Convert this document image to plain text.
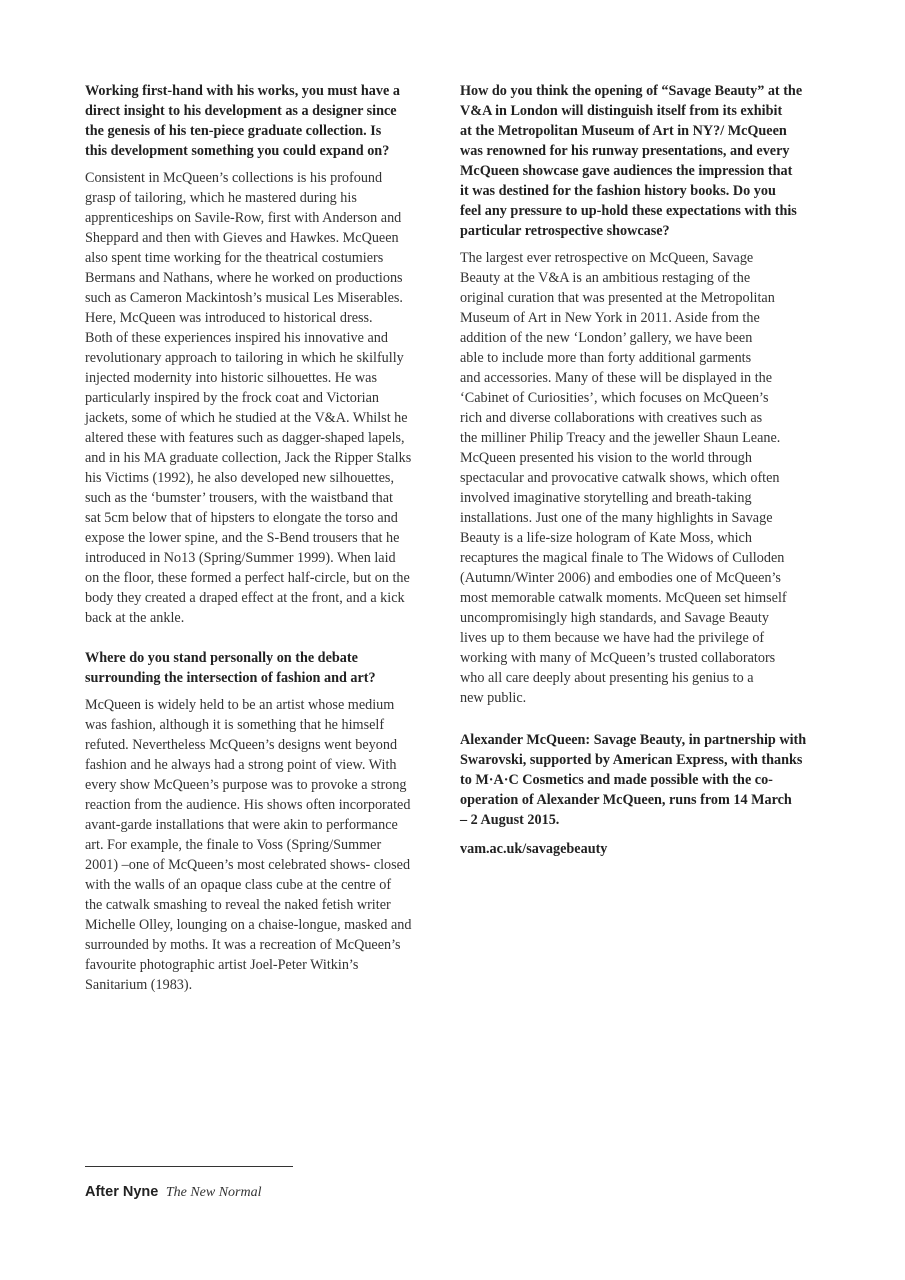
Working first-hand with his works, you must have a
direct insight to his development as a designer since
the genesis of his ten-piece graduate collection. Is
this development something you could expand on?

Consistent in McQueen’s collections is his profound
grasp of tailoring, which he mastered during his
apprenticeships on Savile-Row, first with Anderson and
Sheppard and then with Gieves and Hawkes. McQueen
also spent time working for the theatrical costumiers
Bermans and Nathans, where he worked on productions
such as Cameron Mackintosh’s musical Les Miserables.
Here, McQueen was introduced to historical dress.
Both of these experiences inspired his innovative and
revolutionary approach to tailoring in which he skilfully
injected modernity into historic silhouettes. He was
particularly inspired by the frock coat and Victorian
jackets, some of which he studied at the V&A. Whilst he
altered these with features such as dagger-shaped lapels,
and in his MA graduate collection, Jack the Ripper Stalks
his Victims (1992), he also developed new silhouettes,
such as the ‘bumster’ trousers, with the waistband that
sat 5cm below that of hipsters to elongate the torso and
expose the lower spine, and the S-Bend trousers that he
introduced in No13 (Spring/Summer 1999). When laid
on the floor, these formed a perfect half-circle, but on the
body they created a draped effect at the front, and a kick
back at the ankle.

Where do you stand personally on the debate
surrounding the intersection of fashion and art?

McQueen is widely held to be an artist whose medium
was fashion, although it is something that he himself
refuted. Nevertheless McQueen’s designs went beyond
fashion and he always had a strong point of view. With
every show McQueen’s purpose was to provoke a strong
reaction from the audience. His shows often incorporated
avant-garde installations that were akin to performance
art. For example, the finale to Voss (Spring/Summer
2001) –one of McQueen’s most celebrated shows- closed
with the walls of an opaque class cube at the centre of
the catwalk smashing to reveal the naked fetish writer
Michelle Olley, lounging on a chaise-longue, masked and
surrounded by moths. It was a recreation of McQueen’s
favourite photographic artist Joel-Peter Witkin’s
Sanitarium (1983).

How do you think the opening of “Savage Beauty” at the
V&A in London will distinguish itself from its exhibit
at the Metropolitan Museum of Art in NY?/ McQueen
was renowned for his runway presentations, and every
McQueen showcase gave audiences the impression that
it was destined for the fashion history books. Do you
feel any pressure to up-hold these expectations with this
particular retrospective showcase?

The largest ever retrospective on McQueen, Savage
Beauty at the V&A is an ambitious restaging of the
original curation that was presented at the Metropolitan
Museum of Art in New York in 2011. Aside from the
addition of the new ‘London’ gallery, we have been
able to include more than forty additional garments
and accessories. Many of these will be displayed in the
‘Cabinet of Curiosities’, which focuses on McQueen’s
rich and diverse collaborations with creatives such as
the milliner Philip Treacy and the jeweller Shaun Leane.
McQueen presented his vision to the world through
spectacular and provocative catwalk shows, which often
involved imaginative storytelling and breath-taking
installations. Just one of the many highlights in Savage
Beauty is a life-size hologram of Kate Moss, which
recaptures the magical finale to The Widows of Culloden
(Autumn/Winter 2006) and embodies one of McQueen’s
most memorable catwalk moments. McQueen set himself
uncompromisingly high standards, and Savage Beauty
lives up to them because we have had the privilege of
working with many of McQueen’s trusted collaborators
who all care deeply about presenting his genius to a
new public.

Alexander McQueen: Savage Beauty, in partnership with
Swarovski, supported by American Express, with thanks
to M·A·C Cosmetics and made possible with the co-
operation of Alexander McQueen, runs from 14 March
– 2 August 2015.

vam.ac.uk/savagebeauty

After Nyne The New Normal
